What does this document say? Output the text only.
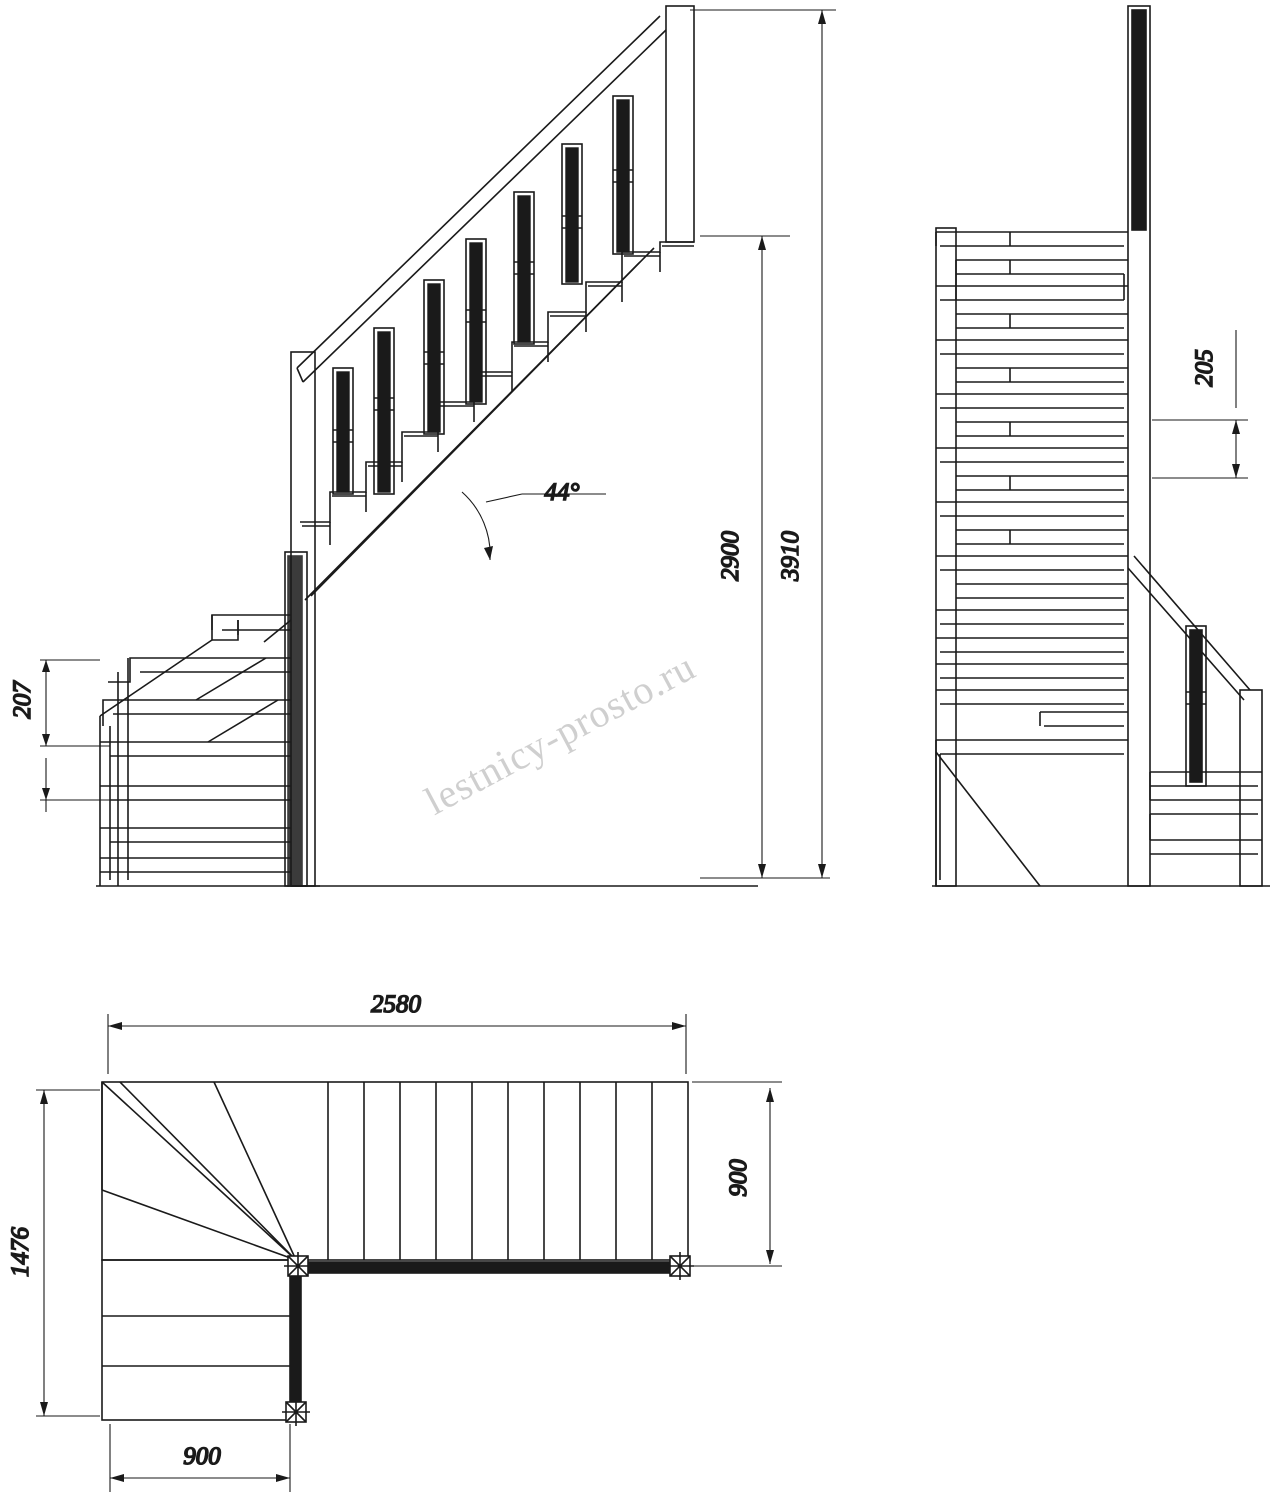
207
44°
2900 3910
205
2580
1476
900
900
lestnicy-prosto.ru
